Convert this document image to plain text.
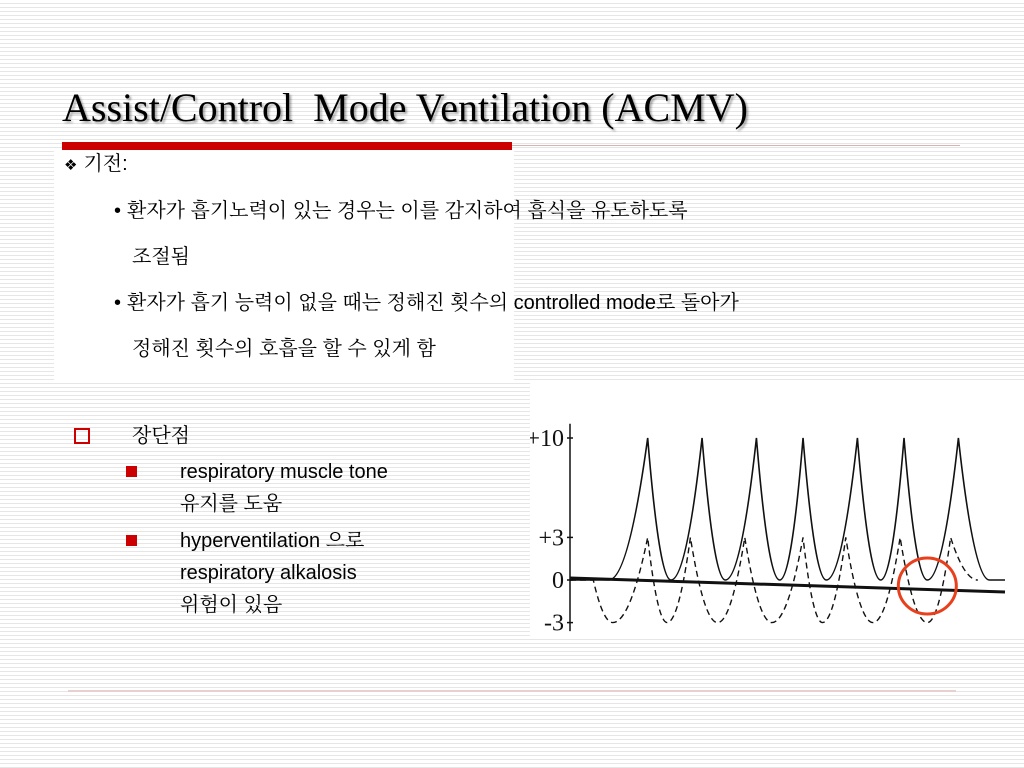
Assist/Control  Mode Ventilation (ACMV)
❖ 기전:
• 환자가 흡기노력이 있는 경우는 이를 감지하여 흡식을 유도하도록
조절됨
• 환자가 흡기 능력이 없을 때는 정해진 횟수의 controlled mode로 돌아가
정해진 횟수의 호흡을 할 수 있게 함
장단점
respiratory muscle tone
유지를 도움
hyperventilation 으로
respiratory alkalosis
위험이 있음
+10
+3
0
-3
